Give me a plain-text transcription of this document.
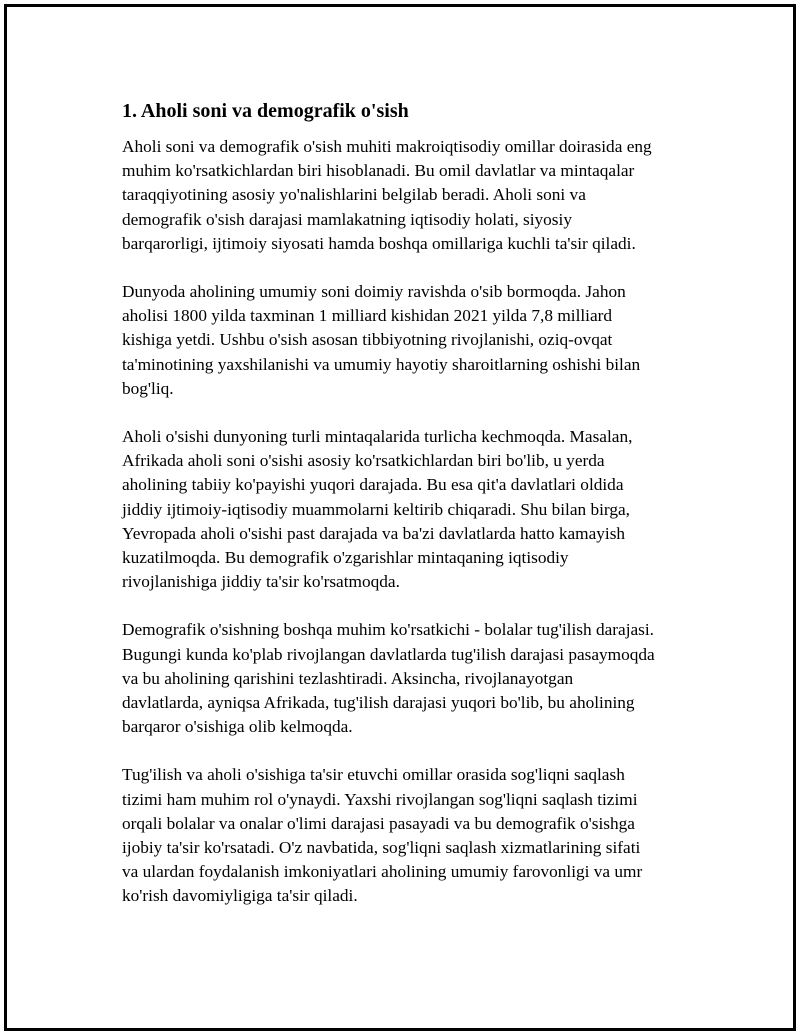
1. Aholi soni va demografik o'sish
Aholi soni va demografik o'sish muhiti makroiqtisodiy omillar doirasida eng
muhim ko'rsatkichlardan biri hisoblanadi. Bu omil davlatlar va mintaqalar
taraqqiyotining asosiy yo'nalishlarini belgilab beradi. Aholi soni va
demografik o'sish darajasi mamlakatning iqtisodiy holati, siyosiy
barqarorligi, ijtimoiy siyosati hamda boshqa omillariga kuchli ta'sir qiladi.
Dunyoda aholining umumiy soni doimiy ravishda o'sib bormoqda. Jahon
aholisi 1800 yilda taxminan 1 milliard kishidan 2021 yilda 7,8 milliard
kishiga yetdi. Ushbu o'sish asosan tibbiyotning rivojlanishi, oziq-ovqat
ta'minotining yaxshilanishi va umumiy hayotiy sharoitlarning oshishi bilan
bog'liq.
Aholi o'sishi dunyoning turli mintaqalarida turlicha kechmoqda. Masalan,
Afrikada aholi soni o'sishi asosiy ko'rsatkichlardan biri bo'lib, u yerda
aholining tabiiy ko'payishi yuqori darajada. Bu esa qit'a davlatlari oldida
jiddiy ijtimoiy-iqtisodiy muammolarni keltirib chiqaradi. Shu bilan birga,
Yevropada aholi o'sishi past darajada va ba'zi davlatlarda hatto kamayish
kuzatilmoqda. Bu demografik o'zgarishlar mintaqaning iqtisodiy
rivojlanishiga jiddiy ta'sir ko'rsatmoqda.
Demografik o'sishning boshqa muhim ko'rsatkichi - bolalar tug'ilish darajasi.
Bugungi kunda ko'plab rivojlangan davlatlarda tug'ilish darajasi pasaymoqda
va bu aholining qarishini tezlashtiradi. Aksincha, rivojlanayotgan
davlatlarda, ayniqsa Afrikada, tug'ilish darajasi yuqori bo'lib, bu aholining
barqaror o'sishiga olib kelmoqda.
Tug'ilish va aholi o'sishiga ta'sir etuvchi omillar orasida sog'liqni saqlash
tizimi ham muhim rol o'ynaydi. Yaxshi rivojlangan sog'liqni saqlash tizimi
orqali bolalar va onalar o'limi darajasi pasayadi va bu demografik o'sishga
ijobiy ta'sir ko'rsatadi. O'z navbatida, sog'liqni saqlash xizmatlarining sifati
va ulardan foydalanish imkoniyatlari aholining umumiy farovonligi va umr
ko'rish davomiyligiga ta'sir qiladi.
